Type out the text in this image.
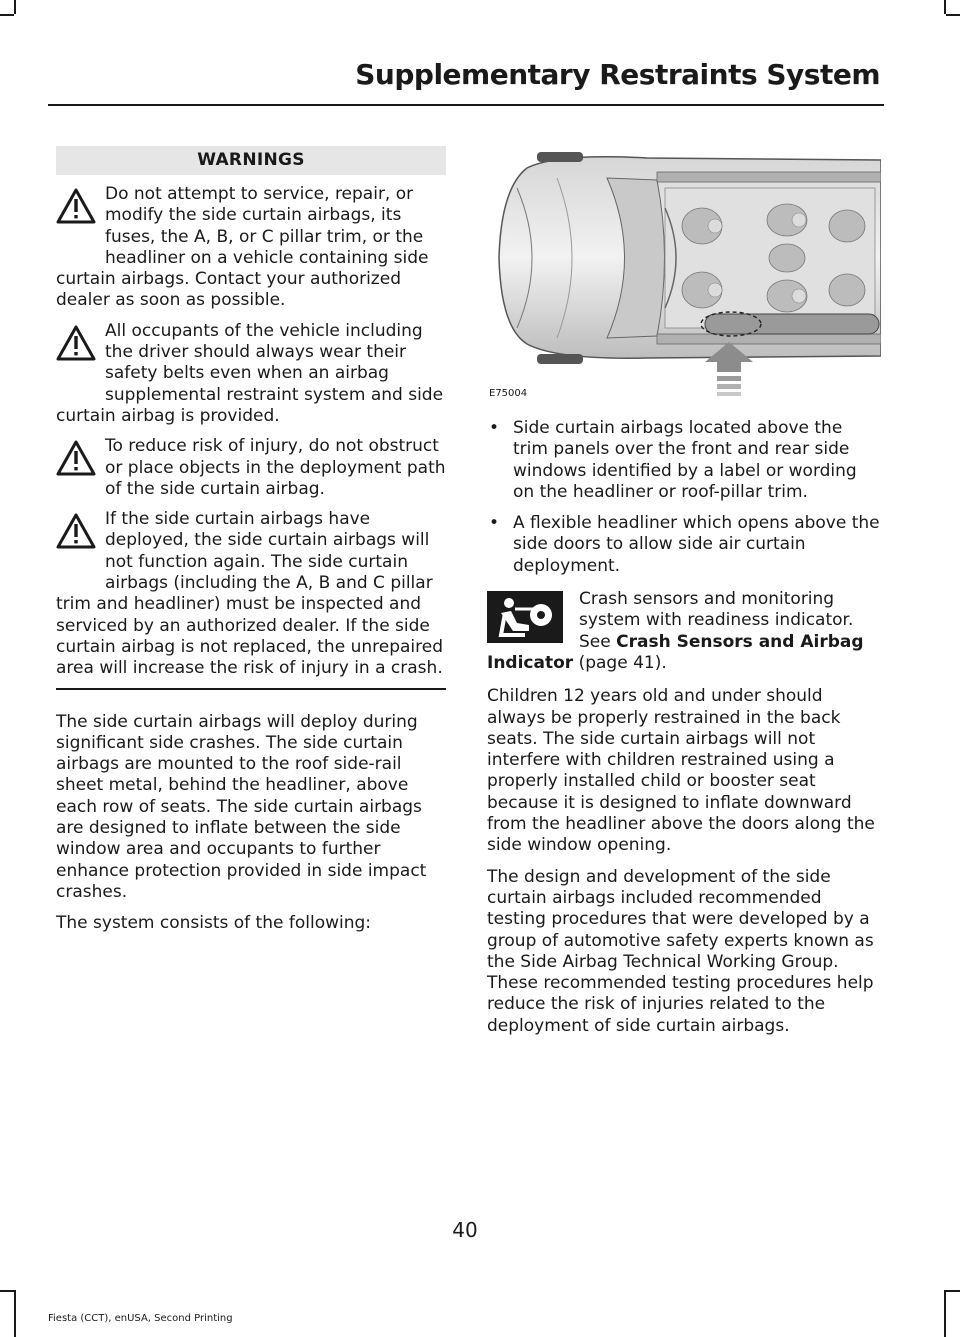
Supplementary Restraints System
WARNINGS
Do not attempt to service, repair, or modify the side curtain airbags, its fuses, the A, B, or C pillar trim, or the headliner on a vehicle containing side curtain airbags. Contact your authorized dealer as soon as possible.
All occupants of the vehicle including the driver should always wear their safety belts even when an airbag supplemental restraint system and side curtain airbag is provided.
To reduce risk of injury, do not obstruct or place objects in the deployment path of the side curtain airbag.
If the side curtain airbags have deployed, the side curtain airbags will not function again. The side curtain airbags (including the A, B and C pillar trim and headliner) must be inspected and serviced by an authorized dealer. If the side curtain airbag is not replaced, the unrepaired area will increase the risk of injury in a crash.

The side curtain airbags will deploy during significant side crashes. The side curtain airbags are mounted to the roof side-rail sheet metal, behind the headliner, above each row of seats. The side curtain airbags are designed to inflate between the side window area and occupants to further enhance protection provided in side impact crashes.

The system consists of the following:

E75004
• Side curtain airbags located above the trim panels over the front and rear side windows identified by a label or wording on the headliner or roof-pillar trim.
• A flexible headliner which opens above the side doors to allow side air curtain deployment.
Crash sensors and monitoring system with readiness indicator. See Crash Sensors and Airbag Indicator (page 41).

Children 12 years old and under should always be properly restrained in the back seats. The side curtain airbags will not interfere with children restrained using a properly installed child or booster seat because it is designed to inflate downward from the headliner above the doors along the side window opening.

The design and development of the side curtain airbags included recommended testing procedures that were developed by a group of automotive safety experts known as the Side Airbag Technical Working Group. These recommended testing procedures help reduce the risk of injuries related to the deployment of side curtain airbags.

40
Fiesta (CCT), enUSA, Second Printing
